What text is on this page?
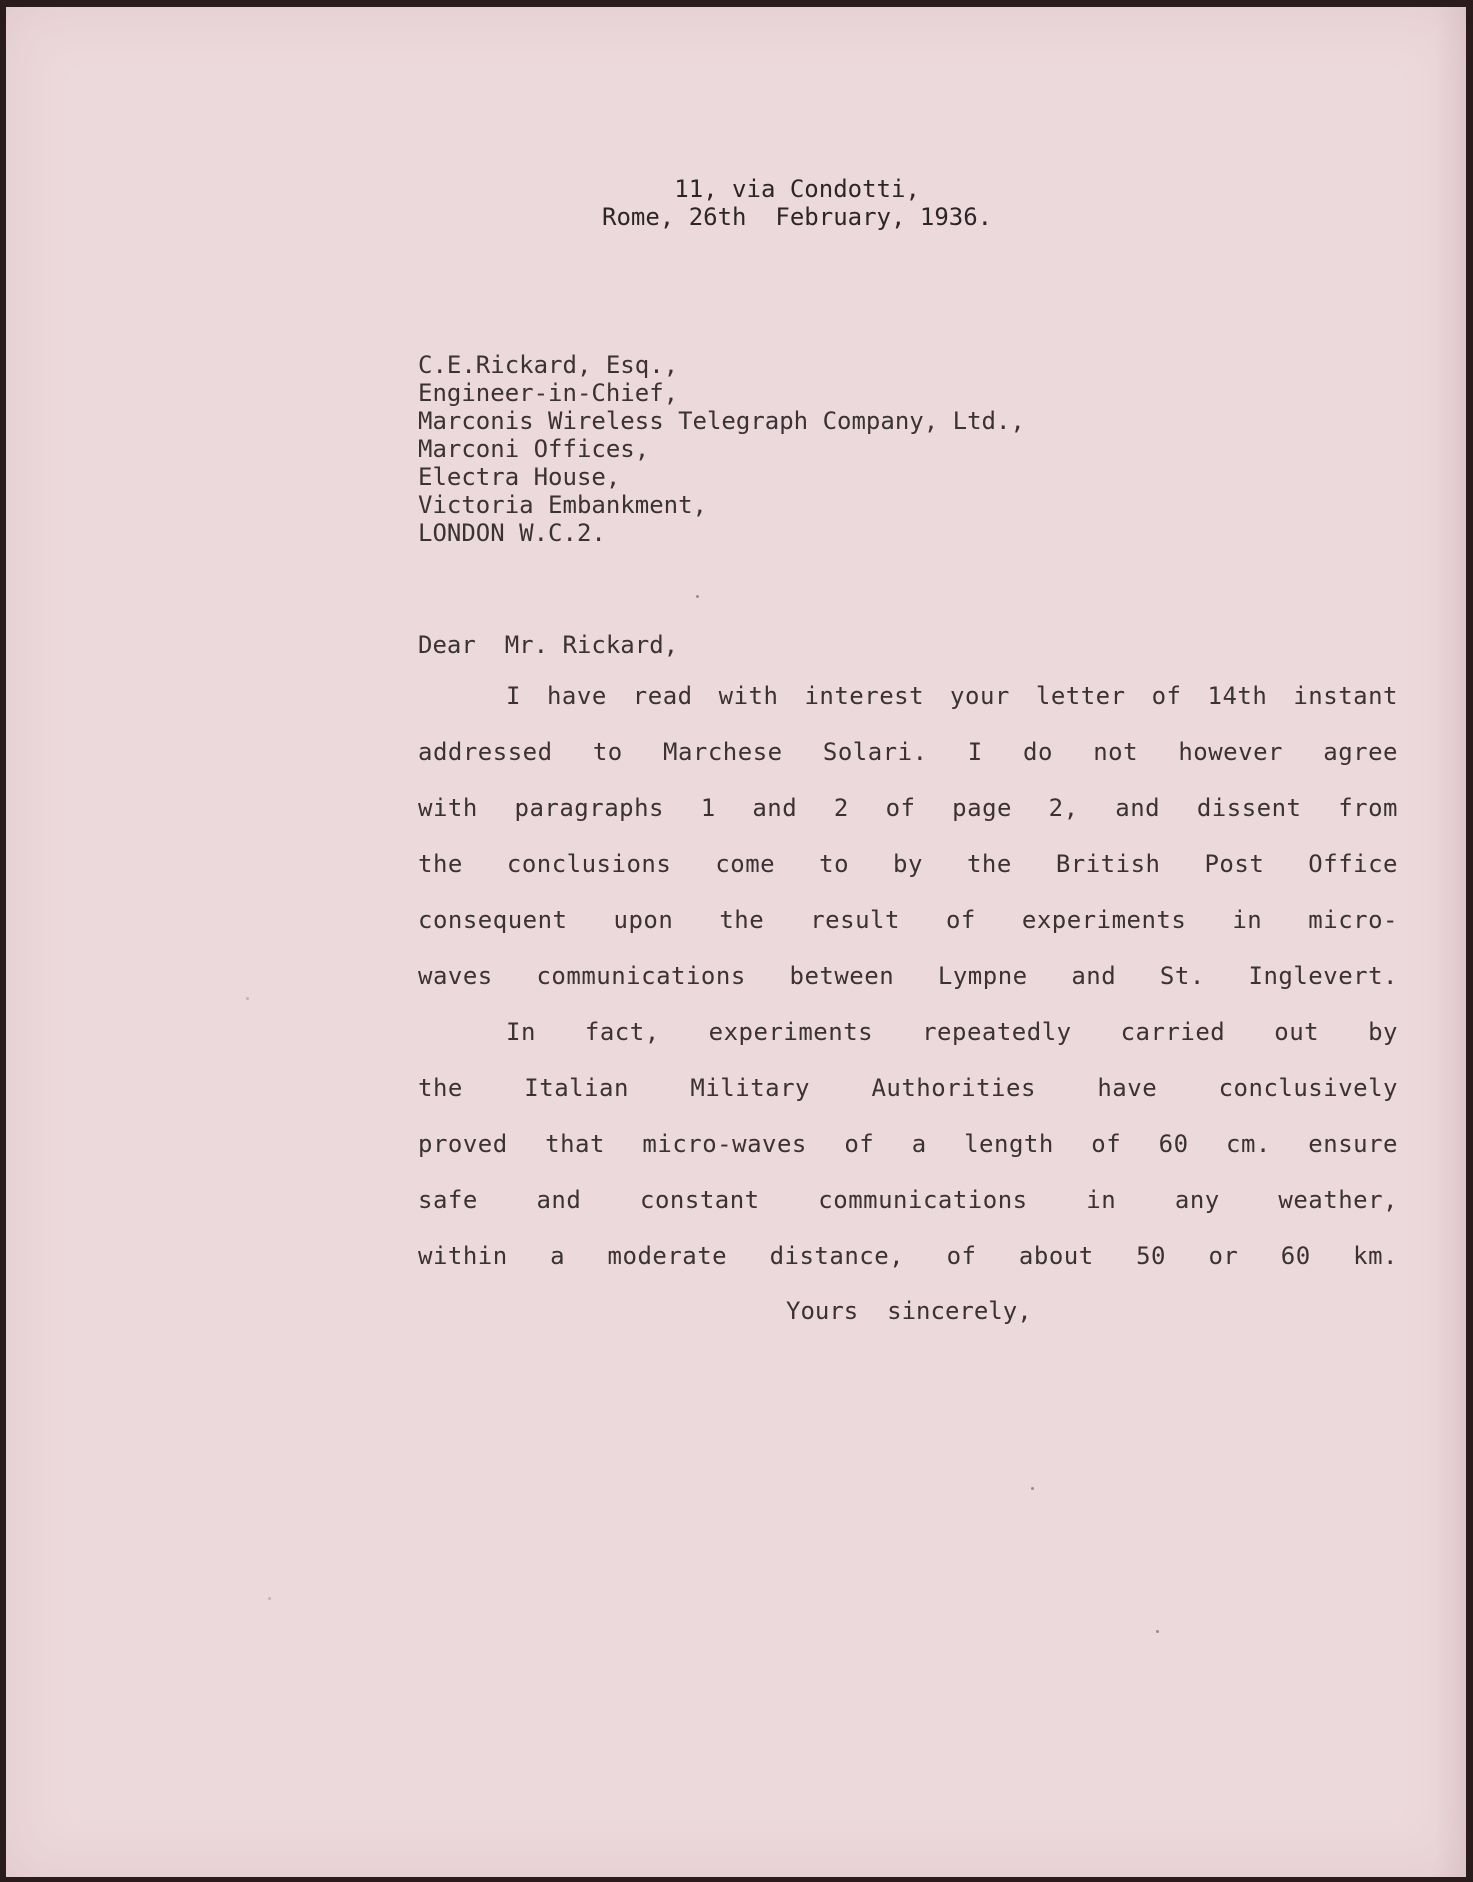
11, via Condotti,
Rome, 26th  February, 1936.
C.E.Rickard, Esq.,
Engineer-in-Chief,
Marconis Wireless Telegraph Company, Ltd.,
Marconi Offices,
Electra House,
Victoria Embankment,
LONDON W.C.2.
Dear  Mr. Rickard,
I have read with interest your letter of 14th instant
addressed to Marchese Solari. I do not however agree
with paragraphs 1 and 2 of page 2, and dissent from
the conclusions come to by the British Post Office
consequent upon the result of experiments in micro-
waves communications between Lympne and St. Inglevert.
In fact, experiments repeatedly carried out by
the Italian Military Authorities have conclusively
proved that micro-waves of a length of 60 cm. ensure
safe and constant communications in any weather,
within a moderate distance, of about 50 or 60 km.
Yours  sincerely,
